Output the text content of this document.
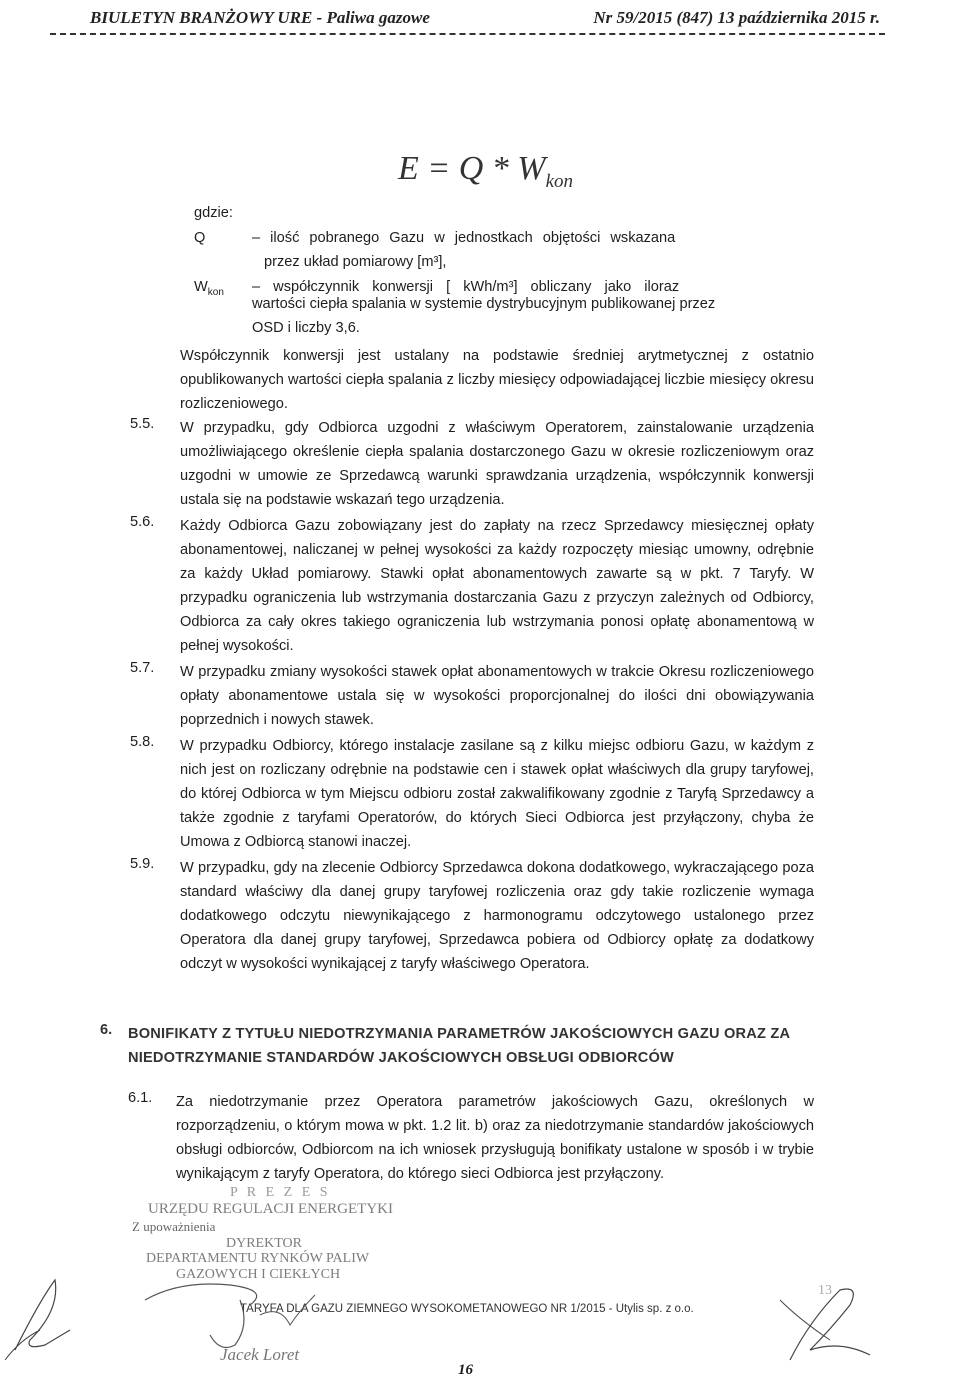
BIULETYN BRANŻOWY URE - Paliwa gazowe	Nr 59/2015 (847) 13 października 2015 r.
$E = Q * W_{kon}$
gdzie:
Q	– ilość pobranego Gazu w jednostkach objętości wskazana
przez układ pomiarowy [m³],
$W_{kon}$ – współczynnik konwersji [ kWh/m³] obliczany jako iloraz
wartości ciepła spalania w systemie dystrybucyjnym publikowanej przez
OSD i liczby 3,6.
Współczynnik konwersji jest ustalany na podstawie średniej arytmetycznej z ostatnio opublikowanych wartości ciepła spalania z liczby miesięcy odpowiadającej liczbie miesięcy okresu rozliczeniowego.
5.5. W przypadku, gdy Odbiorca uzgodni z właściwym Operatorem, zainstalowanie urządzenia umożliwiającego określenie ciepła spalania dostarczonego Gazu w okresie rozliczeniowym oraz uzgodni w umowie ze Sprzedawcą warunki sprawdzania urządzenia, współczynnik konwersji ustala się na podstawie wskazań tego urządzenia.
5.6. Każdy Odbiorca Gazu zobowiązany jest do zapłaty na rzecz Sprzedawcy miesięcznej opłaty abonamentowej, naliczanej w pełnej wysokości za każdy rozpoczęty miesiąc umowny, odrębnie za każdy Układ pomiarowy. Stawki opłat abonamentowych zawarte są w pkt. 7 Taryfy. W przypadku ograniczenia lub wstrzymania dostarczania Gazu z przyczyn zależnych od Odbiorcy, Odbiorca za cały okres takiego ograniczenia lub wstrzymania ponosi opłatę abonamentową w pełnej wysokości.
5.7. W przypadku zmiany wysokości stawek opłat abonamentowych w trakcie Okresu rozliczeniowego opłaty abonamentowe ustala się w wysokości proporcjonalnej do ilości dni obowiązywania poprzednich i nowych stawek.
5.8. W przypadku Odbiorcy, którego instalacje zasilane są z kilku miejsc odbioru Gazu, w każdym z nich jest on rozliczany odrębnie na podstawie cen i stawek opłat właściwych dla grupy taryfowej, do której Odbiorca w tym Miejscu odbioru został zakwalifikowany zgodnie z Taryfą Sprzedawcy a także zgodnie z taryfami Operatorów, do których Sieci Odbiorca jest przyłączony, chyba że Umowa z Odbiorcą stanowi inaczej.
5.9. W przypadku, gdy na zlecenie Odbiorcy Sprzedawca dokona dodatkowego, wykraczającego poza standard właściwy dla danej grupy taryfowej rozliczenia oraz gdy takie rozliczenie wymaga dodatkowego odczytu niewynikającego z harmonogramu odczytowego ustalonego przez Operatora dla danej grupy taryfowej, Sprzedawca pobiera od Odbiorcy opłatę za dodatkowy odczyt w wysokości wynikającej z taryfy właściwego Operatora.
6. BONIFIKATY Z TYTUŁU NIEDOTRZYMANIA PARAMETRÓW JAKOŚCIOWYCH GAZU ORAZ ZA NIEDOTRZYMANIE STANDARDÓW JAKOŚCIOWYCH OBSŁUGI ODBIORCÓW
6.1. Za niedotrzymanie przez Operatora parametrów jakościowych Gazu, określonych w rozporządzeniu, o którym mowa w pkt. 1.2 lit. b) oraz za niedotrzymanie standardów jakościowych obsługi odbiorców, Odbiorcom na ich wniosek przysługują bonifikaty ustalone w sposób i w trybie wynikającym z taryfy Operatora, do którego sieci Odbiorca jest przyłączony.
P R E Z E S
URZĘDU REGULACJI ENERGETYKI
Z upoważnienia
DYREKTOR
DEPARTAMENTU RYNKÓW PALIW
GAZOWYCH I CIEKŁYCH
Jacek Loret
TARYFA DLA GAZU ZIEMNEGO WYSOKOMETANOWEGO NR 1/2015 - Utylis sp. z o.o.
16
13
